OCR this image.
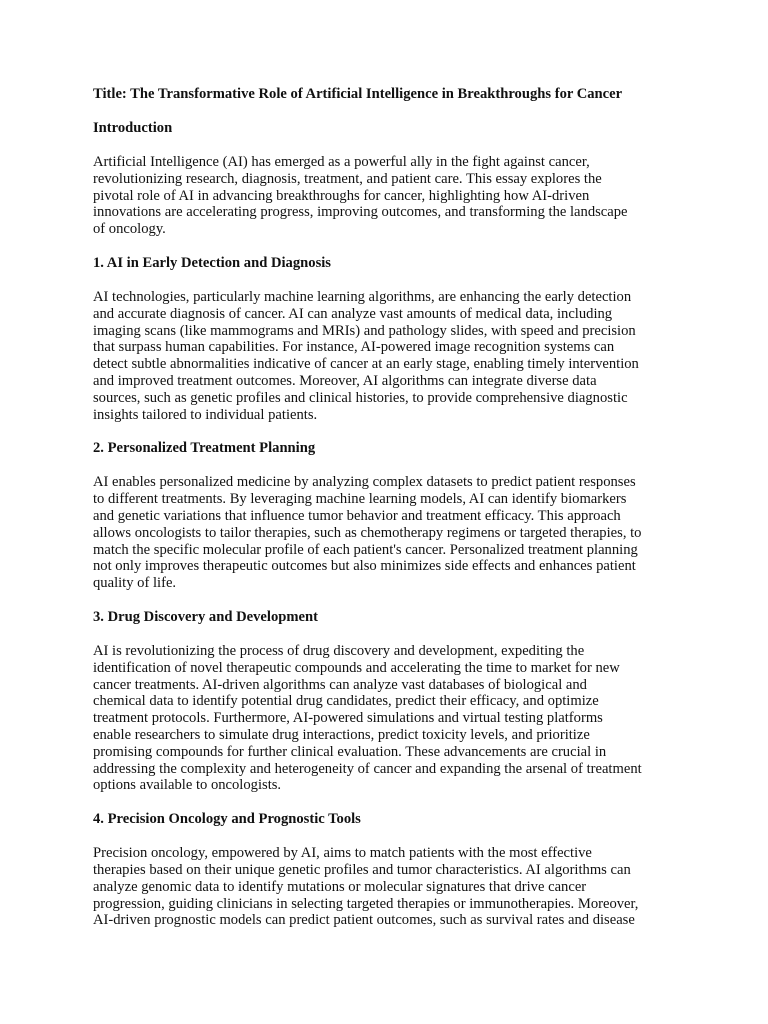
Title: The Transformative Role of Artificial Intelligence in Breakthroughs for Cancer
Introduction
Artificial Intelligence (AI) has emerged as a powerful ally in the fight against cancer,
revolutionizing research, diagnosis, treatment, and patient care. This essay explores the
pivotal role of AI in advancing breakthroughs for cancer, highlighting how AI-driven
innovations are accelerating progress, improving outcomes, and transforming the landscape
of oncology.
1. AI in Early Detection and Diagnosis
AI technologies, particularly machine learning algorithms, are enhancing the early detection
and accurate diagnosis of cancer. AI can analyze vast amounts of medical data, including
imaging scans (like mammograms and MRIs) and pathology slides, with speed and precision
that surpass human capabilities. For instance, AI-powered image recognition systems can
detect subtle abnormalities indicative of cancer at an early stage, enabling timely intervention
and improved treatment outcomes. Moreover, AI algorithms can integrate diverse data
sources, such as genetic profiles and clinical histories, to provide comprehensive diagnostic
insights tailored to individual patients.
2. Personalized Treatment Planning
AI enables personalized medicine by analyzing complex datasets to predict patient responses
to different treatments. By leveraging machine learning models, AI can identify biomarkers
and genetic variations that influence tumor behavior and treatment efficacy. This approach
allows oncologists to tailor therapies, such as chemotherapy regimens or targeted therapies, to
match the specific molecular profile of each patient's cancer. Personalized treatment planning
not only improves therapeutic outcomes but also minimizes side effects and enhances patient
quality of life.
3. Drug Discovery and Development
AI is revolutionizing the process of drug discovery and development, expediting the
identification of novel therapeutic compounds and accelerating the time to market for new
cancer treatments. AI-driven algorithms can analyze vast databases of biological and
chemical data to identify potential drug candidates, predict their efficacy, and optimize
treatment protocols. Furthermore, AI-powered simulations and virtual testing platforms
enable researchers to simulate drug interactions, predict toxicity levels, and prioritize
promising compounds for further clinical evaluation. These advancements are crucial in
addressing the complexity and heterogeneity of cancer and expanding the arsenal of treatment
options available to oncologists.
4. Precision Oncology and Prognostic Tools
Precision oncology, empowered by AI, aims to match patients with the most effective
therapies based on their unique genetic profiles and tumor characteristics. AI algorithms can
analyze genomic data to identify mutations or molecular signatures that drive cancer
progression, guiding clinicians in selecting targeted therapies or immunotherapies. Moreover,
AI-driven prognostic models can predict patient outcomes, such as survival rates and disease
